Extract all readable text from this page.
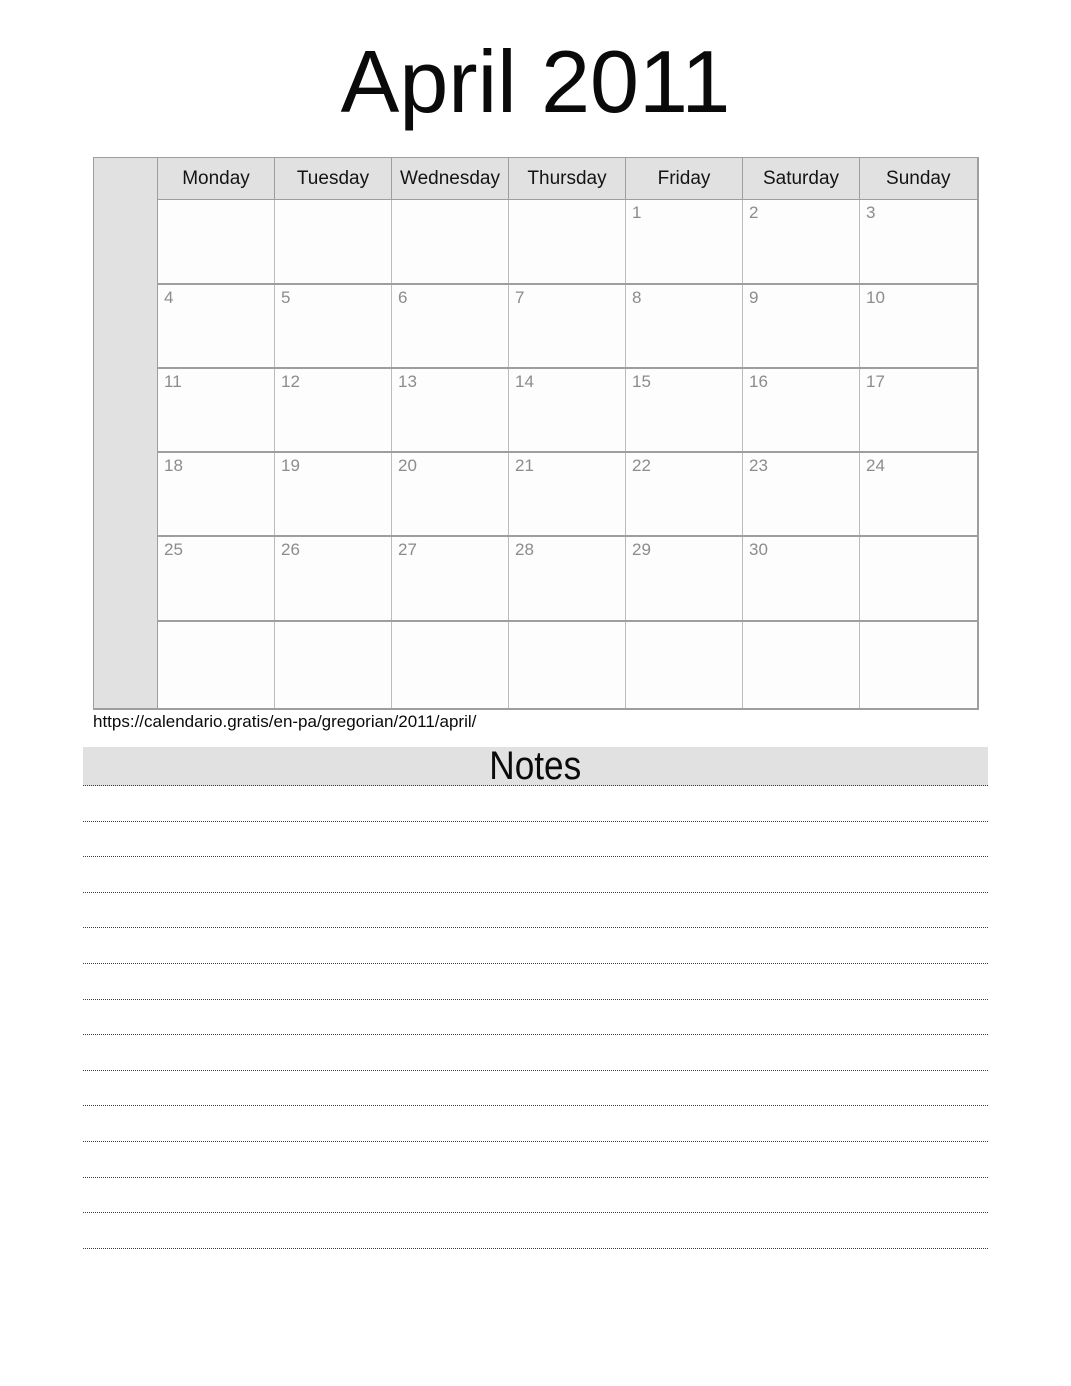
April 2011
	Monday	Tuesday	Wednesday	Thursday	Friday	Saturday	Sunday
					1	2	3
	4	5	6	7	8	9	10
	11	12	13	14	15	16	17
	18	19	20	21	22	23	24
	25	26	27	28	29	30	

https://calendario.gratis/en-pa/gregorian/2011/april/
Notes
